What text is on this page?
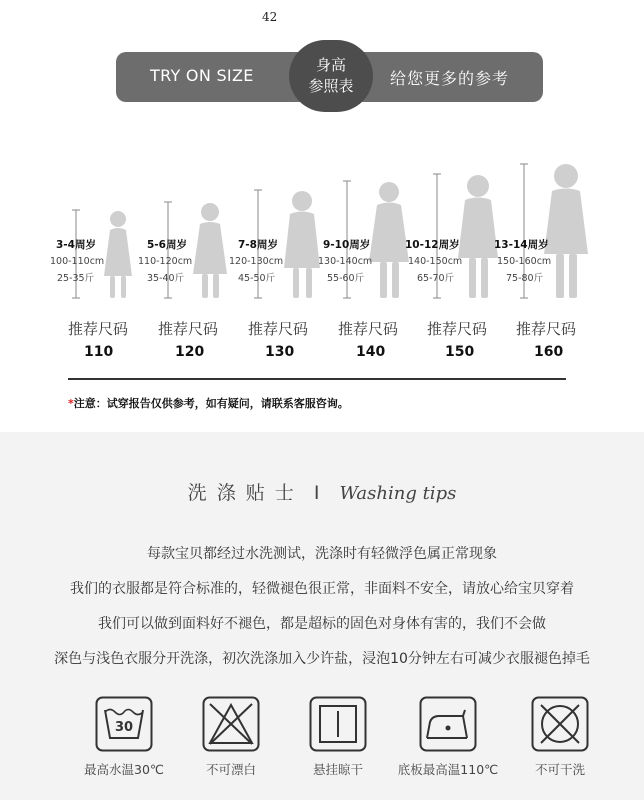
42
TRY ON SIZE
身高
参照表 给您更多的参考
3-4周岁
100-110cm
25-35斤
推荐尺码
110
5-6周岁
110-120cm
35-40斤
推荐尺码
120
7-8周岁
120-130cm
45-50斤
推荐尺码
130
9-10周岁
130-140cm
55-60斤
推荐尺码
140
10-12周岁
140-150cm
65-70斤
推荐尺码
150
13-14周岁
150-160cm
75-80斤
推荐尺码
160
*注意：试穿报告仅供参考，如有疑问，请联系客服咨询。
洗 涤 贴 士 I Washing tips
每款宝贝都经过水洗测试，洗涤时有轻微浮色属正常现象
我们的衣服都是符合标准的，轻微褪色很正常，非面料不安全，请放心给宝贝穿着
我们可以做到面料好不褪色，都是超标的固色对身体有害的，我们不会做
深色与浅色衣服分开洗涤，初次洗涤加入少许盐，浸泡10分钟左右可减少衣服褪色掉毛
30
最高水温30℃	不可漂白	悬挂晾干	底板最高温110℃	不可干洗
